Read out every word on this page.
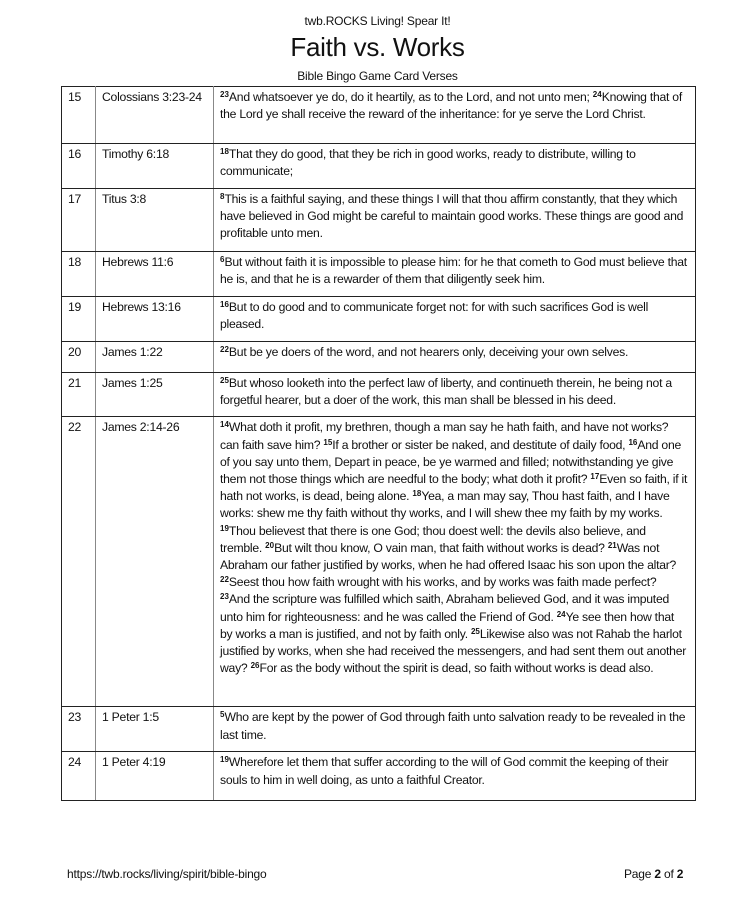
twb.ROCKS Living! Spear It!
Faith vs. Works
Bible Bingo Game Card Verses
15	Colossians 3:23-24	$^{23}$And whatsoever ye do, do it heartily, as to the Lord, and not unto men; $^{24}$Knowing that of the Lord ye shall receive the reward of the inheritance: for ye serve the Lord Christ.
16	Timothy 6:18	$^{18}$That they do good, that they be rich in good works, ready to distribute, willing to communicate;
17	Titus 3:8	$^8$This is a faithful saying, and these things I will that thou affirm constantly, that they which have believed in God might be careful to maintain good works. These things are good and profitable unto men.
18	Hebrews 11:6	$^6$But without faith it is impossible to please him: for he that cometh to God must believe that he is, and that he is a rewarder of them that diligently seek him.
19	Hebrews 13:16	$^{16}$But to do good and to communicate forget not: for with such sacrifices God is well pleased.
20	James 1:22	$^{22}$But be ye doers of the word, and not hearers only, deceiving your own selves.
21	James 1:25	$^{25}$But whoso looketh into the perfect law of liberty, and continueth therein, he being not a forgetful hearer, but a doer of the work, this man shall be blessed in his deed.
22	James 2:14-26	$^{14}$What doth it profit, my brethren, though a man say he hath faith, and have not works? can faith save him? $^{15}$If a brother or sister be naked, and destitute of daily food, $^{16}$And one of you say unto them, Depart in peace, be ye warmed and filled; notwithstanding ye give them not those things which are needful to the body; what doth it profit? $^{17}$Even so faith, if it hath not works, is dead, being alone. $^{18}$Yea, a man may say, Thou hast faith, and I have works: shew me thy faith without thy works, and I will shew thee my faith by my works. $^{19}$Thou believest that there is one God; thou doest well: the devils also believe, and tremble. $^{20}$But wilt thou know, O vain man, that faith without works is dead? $^{21}$Was not Abraham our father justified by works, when he had offered Isaac his son upon the altar? $^{22}$Seest thou how faith wrought with his works, and by works was faith made perfect? $^{23}$And the scripture was fulfilled which saith, Abraham believed God, and it was imputed unto him for righteousness: and he was called the Friend of God. $^{24}$Ye see then how that by works a man is justified, and not by faith only. $^{25}$Likewise also was not Rahab the harlot justified by works, when she had received the messengers, and had sent them out another way? $^{26}$For as the body without the spirit is dead, so faith without works is dead also.
23	1 Peter 1:5	$^5$Who are kept by the power of God through faith unto salvation ready to be revealed in the last time.
24	1 Peter 4:19	$^{19}$Wherefore let them that suffer according to the will of God commit the keeping of their souls to him in well doing, as unto a faithful Creator.
https://twb.rocks/living/spirit/bible-bingo	Page 2 of 2
